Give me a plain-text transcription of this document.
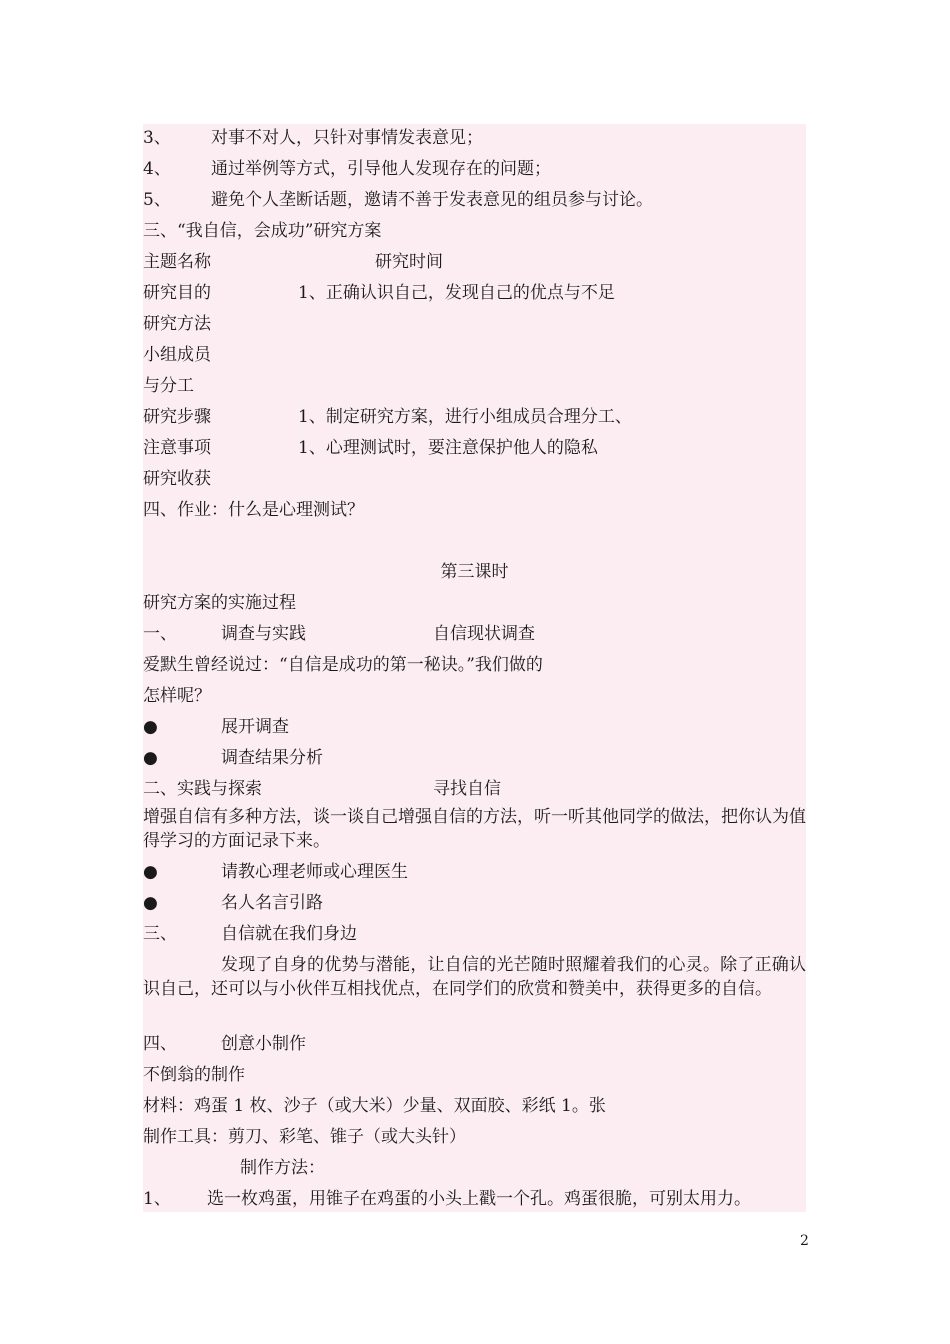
3、 对事不对人，只针对事情发表意见；
4、 通过举例等方式，引导他人发现存在的问题；
5、 避免个人垄断话题，邀请不善于发表意见的组员参与讨论。
三、“我自信，会成功”研究方案
主题名称	研究时间
研究目的	1、正确认识自己，发现自己的优点与不足
研究方法
小组成员
与分工
研究步骤	1、制定研究方案，进行小组成员合理分工、
注意事项	1、心理测试时，要注意保护他人的隐私
研究收获
四、作业：什么是心理测试？
第三课时
研究方案的实施过程
一、	调查与实践	自信现状调查
爱默生曾经说过：“自信是成功的第一秘诀。”我们做的
怎样呢？
●	展开调查
●	调查结果分析
二、实践与探索	寻找自信
增强自信有多种方法，谈一谈自己增强自信的方法，听一听其他同学的做法，把你认为值得学习的方面记录下来。
●	请教心理老师或心理医生
●	名人名言引路
三、	自信就在我们身边
发现了自身的优势与潜能，让自信的光芒随时照耀着我们的心灵。除了正确认识自己，还可以与小伙伴互相找优点，在同学们的欣赏和赞美中，获得更多的自信。
四、	创意小制作
不倒翁的制作
材料：鸡蛋 1 枚、沙子（或大米）少量、双面胶、彩纸 1。张
制作工具：剪刀、彩笔、锥子（或大头针）
制作方法：
1、 选一枚鸡蛋，用锥子在鸡蛋的小头上戳一个孔。鸡蛋很脆，可别太用力。
2
